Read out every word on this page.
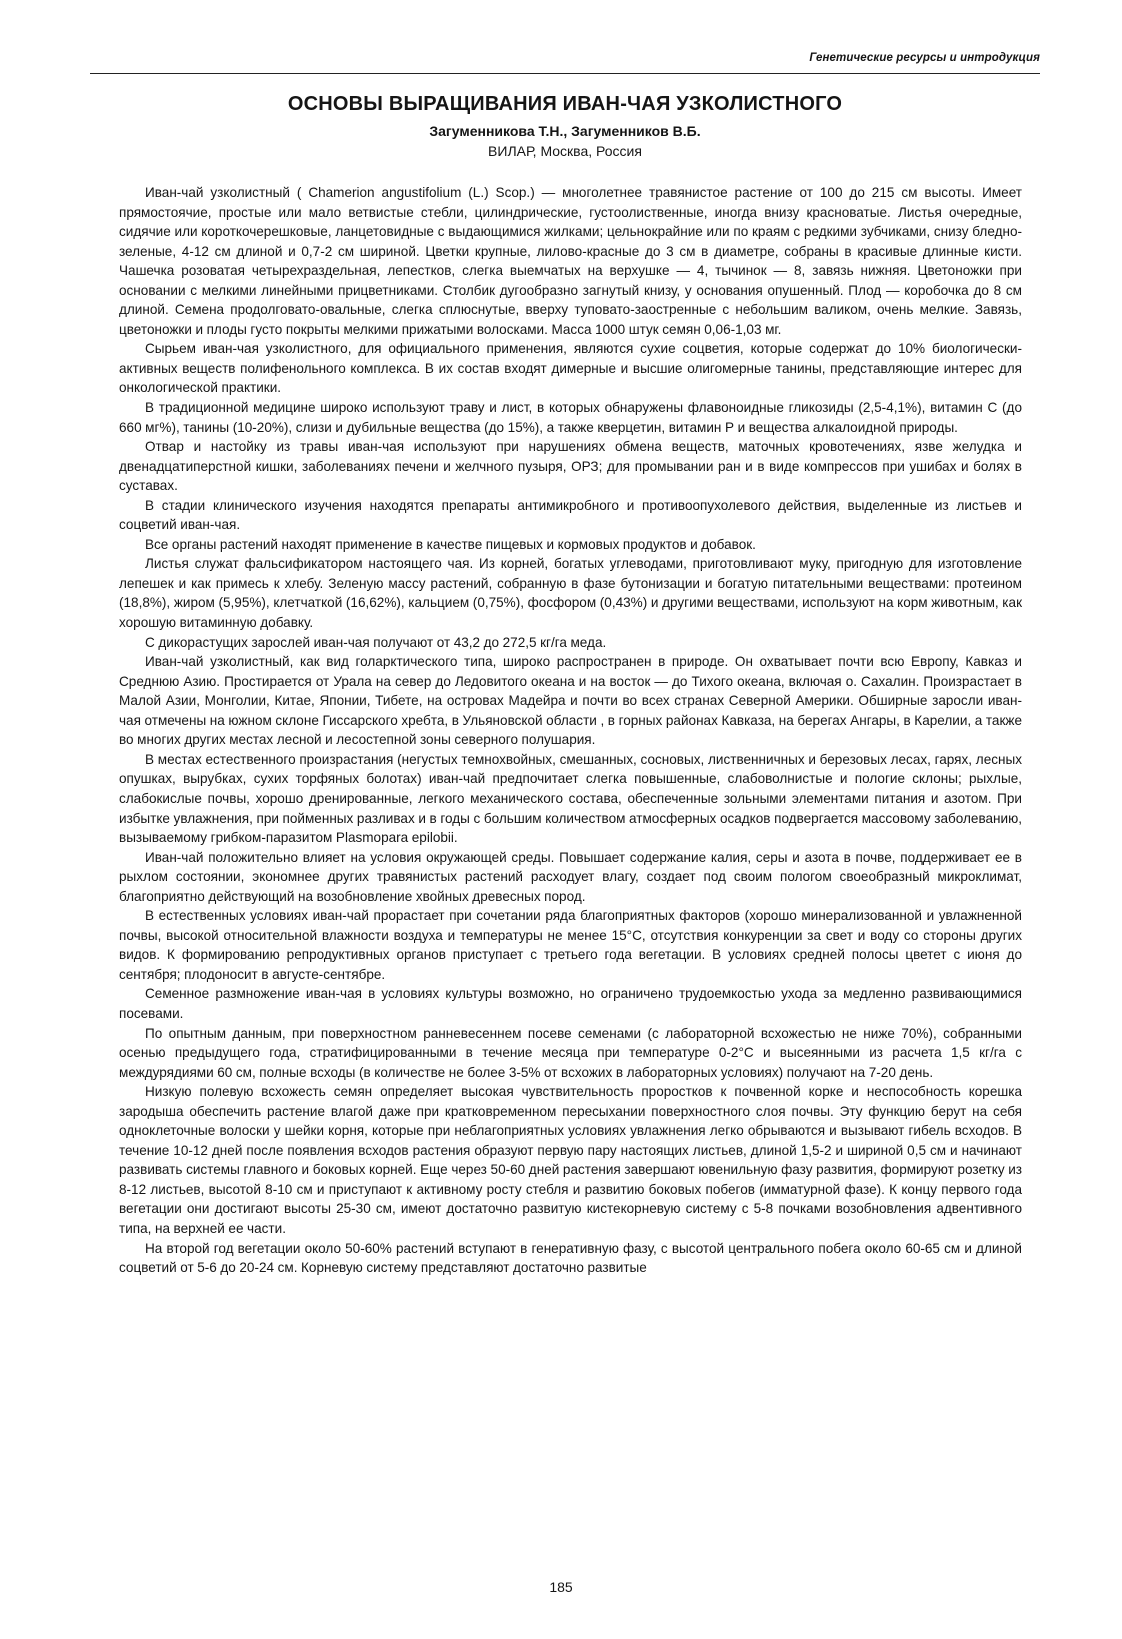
Генетические ресурсы и интродукция
ОСНОВЫ ВЫРАЩИВАНИЯ ИВАН-ЧАЯ УЗКОЛИСТНОГО
Загуменникова Т.Н., Загуменников В.Б.
ВИЛАР, Москва, Россия

Иван-чай узколистный ( Chamerion angustifolium (L.) Scop.) — многолетнее травянистое растение от 100 до 215 см высоты. Имеет прямостоячие, простые или мало ветвистые стебли, цилиндрические, густоолиственные, иногда внизу красноватые. Листья очередные, сидячие или короткочерешковые, ланцетовидные с выдающимися жилками; цельнокрайние или по краям с редкими зубчиками, снизу бледно-зеленые, 4-12 см длиной и 0,7-2 см шириной. Цветки крупные, лилово-красные до 3 см в диаметре, собраны в красивые длинные кисти. Чашечка розоватая четырехраздельная, лепестков, слегка выемчатых на верхушке — 4, тычинок — 8, завязь нижняя. Цветоножки при основании с мелкими линейными прицветниками. Столбик дугообразно загнутый книзу, у основания опушенный. Плод — коробочка до 8 см длиной. Семена продолговато-овальные, слегка сплюснутые, вверху туповато-заостренные с небольшим валиком, очень мелкие. Завязь, цветоножки и плоды густо покрыты мелкими прижатыми волосками. Масса 1000 штук семян 0,06-1,03 мг.

Сырьем иван-чая узколистного, для официального применения, являются сухие соцветия, которые содержат до 10% биологически-активных веществ полифенольного комплекса. В их состав входят димерные и высшие олигомерные танины, представляющие интерес для онкологической практики.

В традиционной медицине широко используют траву и лист, в которых обнаружены флавоноидные гликозиды (2,5-4,1%), витамин С (до 660 мг%), танины (10-20%), слизи и дубильные вещества (до 15%), а также кверцетин, витамин Р и вещества алкалоидной природы.

Отвар и настойку из травы иван-чая используют при нарушениях обмена веществ, маточных кровотечениях, язве желудка и двенадцатиперстной кишки, заболеваниях печени и желчного пузыря, ОРЗ; для промывании ран и в виде компрессов при ушибах и болях в суставах.

В стадии клинического изучения находятся препараты антимикробного и противоопухолевого действия, выделенные из листьев и соцветий иван-чая.

Все органы растений находят применение в качестве пищевых и кормовых продуктов и добавок.

Листья служат фальсификатором настоящего чая. Из корней, богатых углеводами, приготовливают муку, пригодную для изготовление лепешек и как примесь к хлебу. Зеленую массу растений, собранную в фазе бутонизации и богатую питательными веществами: протеином (18,8%), жиром (5,95%), клетчаткой (16,62%), кальцием (0,75%), фосфором (0,43%) и другими веществами, используют на корм животным, как хорошую витаминную добавку.

С дикорастущих зарослей иван-чая получают от 43,2 до 272,5 кг/га меда.

Иван-чай узколистный, как вид голарктического типа, широко распространен в природе. Он охватывает почти всю Европу, Кавказ и Среднюю Азию. Простирается от Урала на север до Ледовитого океана и на восток — до Тихого океана, включая о. Сахалин. Произрастает в Малой Азии, Монголии, Китае, Японии, Тибете, на островах Мадейра и почти во всех странах Северной Америки. Обширные заросли иван-чая отмечены на южном склоне Гиссарского хребта, в Ульяновской области , в горных районах Кавказа, на берегах Ангары, в Карелии, а также во многих других местах лесной и лесостепной зоны северного полушария.

В местах естественного произрастания (негустых темнохвойных, смешанных, сосновых, лиственничных и березовых лесах, гарях, лесных опушках, вырубках, сухих торфяных болотах) иван-чай предпочитает слегка повышенные, слабоволнистые и пологие склоны; рыхлые, слабокислые почвы, хорошо дренированные, легкого механического состава, обеспеченные зольными элементами питания и азотом. При избытке увлажнения, при пойменных разливах и в годы с большим количеством атмосферных осадков подвергается массовому заболеванию, вызываемому грибком-паразитом Plasmopara epilobii.

Иван-чай положительно влияет на условия окружающей среды. Повышает содержание калия, серы и азота в почве, поддерживает ее в рыхлом состоянии, экономнее других травянистых растений расходует влагу, создает под своим пологом своеобразный микроклимат, благоприятно действующий на возобновление хвойных древесных пород.

В естественных условиях иван-чай прорастает при сочетании ряда благоприятных факторов (хорошо минерализованной и увлажненной почвы, высокой относительной влажности воздуха и температуры не менее 15°С, отсутствия конкуренции за свет и воду со стороны других видов. К формированию репродуктивных органов приступает с третьего года вегетации. В условиях средней полосы цветет с июня до сентября; плодоносит в августе-сентябре.

Семенное размножение иван-чая в условиях культуры возможно, но ограничено трудоемкостью ухода за медленно развивающимися посевами.

По опытным данным, при поверхностном ранневесеннем посеве семенами (с лабораторной всхожестью не ниже 70%), собранными осенью предыдущего года, стратифицированными в течение месяца при температуре 0-2°С и высеянными из расчета 1,5 кг/га с междурядиями 60 см, полные всходы (в количестве не более 3-5% от всхожих в лабораторных условиях) получают на 7-20 день.

Низкую полевую всхожесть семян определяет высокая чувствительность проростков к почвенной корке и неспособность корешка зародыша обеспечить растение влагой даже при кратковременном пересыхании поверхностного слоя почвы. Эту функцию берут на себя одноклеточные волоски у шейки корня, которые при неблагоприятных условиях увлажнения легко обрываются и вызывают гибель всходов. В течение 10-12 дней после появления всходов растения образуют первую пару настоящих листьев, длиной 1,5-2 и шириной 0,5 см и начинают развивать системы главного и боковых корней. Еще через 50-60 дней растения завершают ювенильную фазу развития, формируют розетку из 8-12 листьев, высотой 8-10 см и приступают к активному росту стебля и развитию боковых побегов (имматурной фазе). К концу первого года вегетации они достигают высоты 25-30 см, имеют достаточно развитую кистекорневую систему с 5-8 почками возобновления адвентивного типа, на верхней ее части.

На второй год вегетации около 50-60% растений вступают в генеративную фазу, с высотой центрального побега около 60-65 см и длиной соцветий от 5-6 до 20-24 см. Корневую систему представляют достаточно развитые

185
